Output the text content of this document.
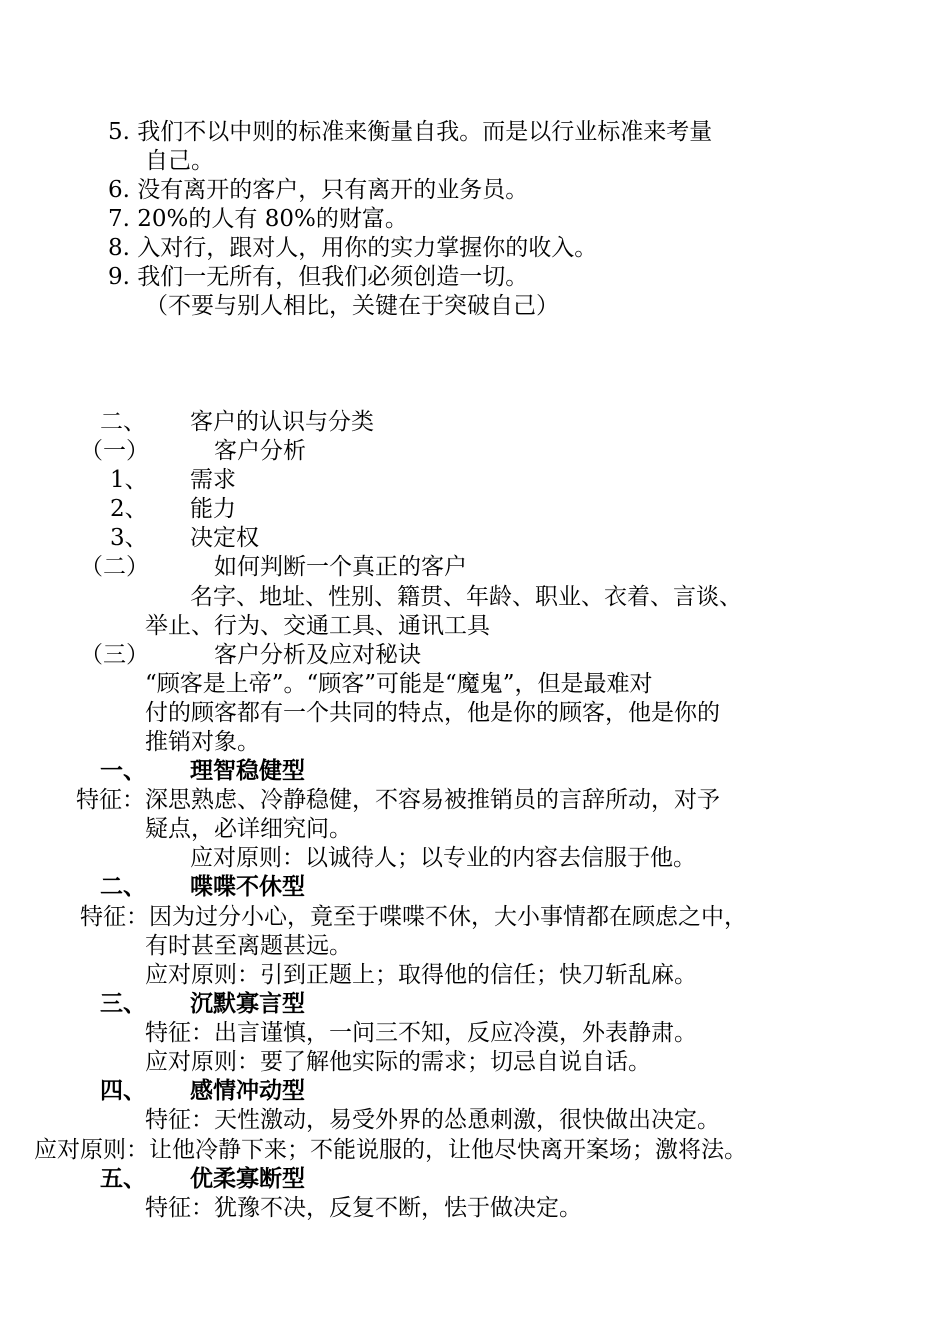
5. 我们不以中则的标准来衡量自我。而是以行业标准来考量
自己。
6. 没有离开的客户，只有离开的业务员。
7. 20%的人有 80%的财富。
8. 入对行，跟对人，用你的实力掌握你的收入。
9. 我们一无所有，但我们必须创造一切。
（不要与别人相比，关键在于突破自己）
二、 客户的认识与分类
（一）	客户分析
1、 需求
2、 能力
3、 决定权
（二）	如何判断一个真正的客户
名字、地址、性别、籍贯、年龄、职业、衣着、言谈、
举止、行为、交通工具、通讯工具
（三）	客户分析及应对秘诀
“顾客是上帝”。“顾客”可能是“魔鬼”，但是最难对
付的顾客都有一个共同的特点，他是你的顾客，他是你的
推销对象。
一、 理智稳健型
特征：深思熟虑、冷静稳健，不容易被推销员的言辞所动，对予
疑点，必详细究问。
应对原则：以诚待人；以专业的内容去信服于他。
二、 喋喋不休型
特征：因为过分小心，竟至于喋喋不休，大小事情都在顾虑之中，
有时甚至离题甚远。
应对原则：引到正题上；取得他的信任；快刀斩乱麻。
三、 沉默寡言型
特征：出言谨慎，一问三不知，反应冷漠，外表静肃。
应对原则：要了解他实际的需求；切忌自说自话。
四、 感情冲动型
特征：天性激动，易受外界的怂恿刺激，很快做出决定。
应对原则：让他冷静下来；不能说服的，让他尽快离开案场；激将法。
五、 优柔寡断型
特征：犹豫不决，反复不断，怯于做决定。
